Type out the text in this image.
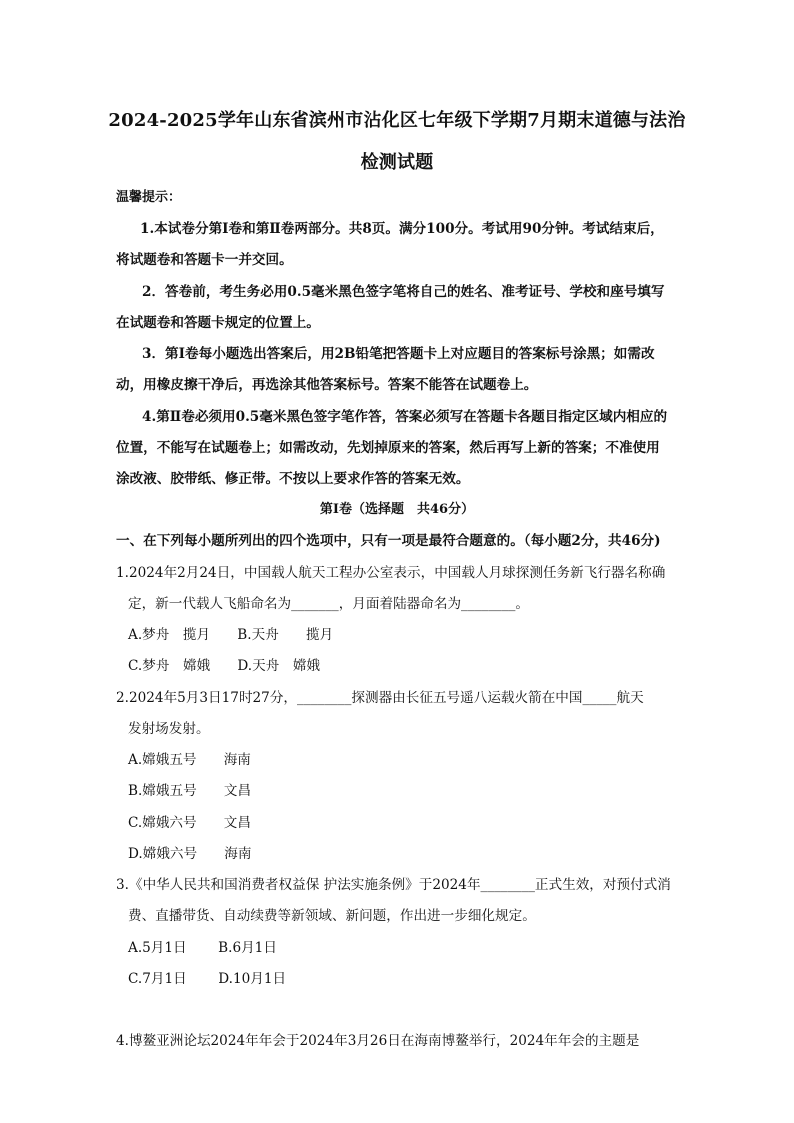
2024-2025学年山东省滨州市沾化区七年级下学期7月期末道德与法治
检测试题
温馨提示：
1.本试卷分第Ⅰ卷和第Ⅱ卷两部分。共8页。满分100分。考试用90分钟。考试结束后，
将试题卷和答题卡一并交回。
2．答卷前，考生务必用0.5毫米黑色签字笔将自己的姓名、准考证号、学校和座号填写
在试题卷和答题卡规定的位置上。
3．第Ⅰ卷每小题选出答案后，用2B铅笔把答题卡上对应题目的答案标号涂黑；如需改
动，用橡皮擦干净后，再选涂其他答案标号。答案不能答在试题卷上。
4.第Ⅱ卷必须用0.5毫米黑色签字笔作答，答案必须写在答题卡各题目指定区域内相应的
位置，不能写在试题卷上；如需改动，先划掉原来的答案，然后再写上新的答案；不准使用
涂改液、胶带纸、修正带。不按以上要求作答的答案无效。
第Ⅰ卷（选择题　共46分）
一、在下列每小题所列出的四个选项中，只有一项是最符合题意的。（每小题2分，共46分)
1.2024年2月24日，中国载人航天工程办公室表示，中国载人月球探测任务新飞行器名称确
定，新一代载人飞船命名为_______，月面着陆器命名为________。
A.梦舟　揽月　　B.天舟　　揽月
C.梦舟　嫦娥　　D.天舟　嫦娥
2.2024年5月3日17时27分，________探测器由长征五号遥八运载火箭在中国_____航天
发射场发射。
A.嫦娥五号　　海南
B.嫦娥五号　　文昌
C.嫦娥六号　　文昌
D.嫦娥六号　　海南
3.《中华人民共和国消费者权益保 护法实施条例》于2024年________正式生效，对预付式消
费、直播带货、自动续费等新领域、新问题，作出进一步细化规定。
A.5月1日　　 B.6月1日
C.7月1日　　 D.10月1日
4.博鳌亚洲论坛2024年年会于2024年3月26日在海南博鳌举行，2024年年会的主题是
